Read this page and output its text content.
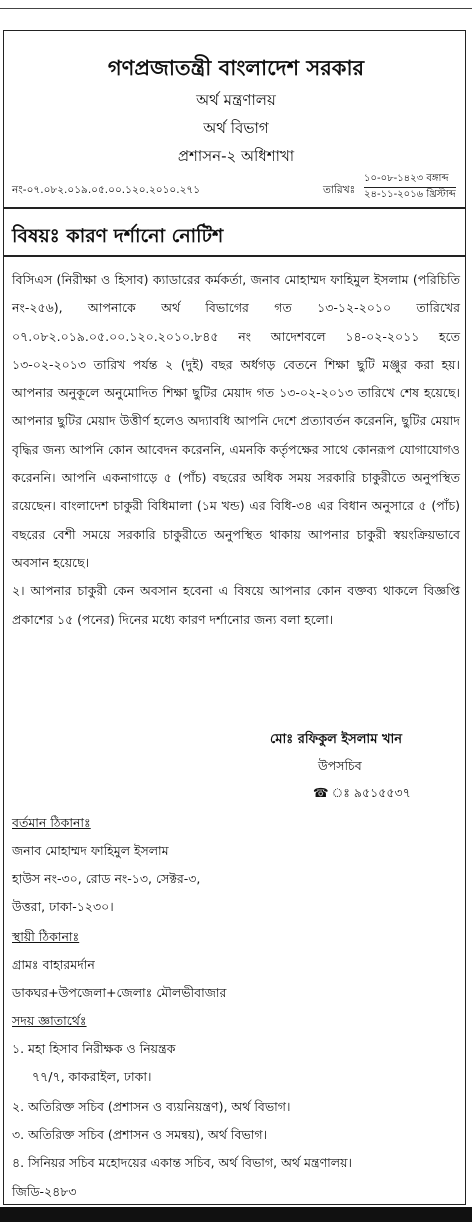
গণপ্রজাতন্ত্রী বাংলাদেশ সরকার
অর্থ মন্ত্রণালয়
অর্থ বিভাগ
প্রশাসন-২ অধিশাখা
নং-০৭.০৮২.০১৯.০৫.০০.১২০.২০১০.২৭১	তারিখঃ
১০-০৮-১৪২৩ বঙ্গাব্দ
২৪-১১-২০১৬ খ্রিস্টাব্দ
বিষয়ঃ কারণ দর্শানো নোটিশ

বিসিএস (নিরীক্ষা ও হিসাব) ক্যাডারের কর্মকর্তা, জনাব মোহাম্মদ ফাহিমুল ইসলাম (পরিচিতি নং-২৫৬), আপনাকে অর্থ বিভাগের গত ১৩-১২-২০১০ তারিখের ০৭.০৮২.০১৯.০৫.০০.১২০.২০১০.৮৪৫ নং আদেশবলে ১৪-০২-২০১১ হতে ১৩-০২-২০১৩ তারিখ পর্যন্ত ২ (দুই) বছর অর্ধগড় বেতনে শিক্ষা ছুটি মঞ্জুর করা হয়। আপনার অনুকূলে অনুমোদিত শিক্ষা ছুটির মেয়াদ গত ১৩-০২-২০১৩ তারিখে শেষ হয়েছে। আপনার ছুটির মেয়াদ উত্তীর্ণ হলেও অদ্যাবধি আপনি দেশে প্রত্যাবর্তন করেননি, ছুটির মেয়াদ বৃদ্ধির জন্য আপনি কোন আবেদন করেননি, এমনকি কর্তৃপক্ষের সাথে কোনরূপ যোগাযোগও করেননি। আপনি একনাগাড়ে ৫ (পাঁচ) বছরের অধিক সময় সরকারি চাকুরীতে অনুপস্থিত রয়েছেন। বাংলাদেশ চাকুরী বিধিমালা (১ম খন্ড) এর বিধি-৩৪ এর বিধান অনুসারে ৫ (পাঁচ) বছরের বেশী সময়ে সরকারি চাকুরীতে অনুপস্থিত থাকায় আপনার চাকুরী স্বয়ংক্রিয়ভাবে অবসান হয়েছে।

২। আপনার চাকুরী কেন অবসান হবেনা এ বিষয়ে আপনার কোন বক্তব্য থাকলে বিজ্ঞপ্তি প্রকাশের ১৫ (পনের) দিনের মধ্যে কারণ দর্শানোর জন্য বলা হলো।

মোঃ রফিকুল ইসলাম খান
উপসচিব
☎ ঃ ৯৫১৫৫৩৭
বর্তমান ঠিকানাঃ
জনাব মোহাম্মদ ফাহিমুল ইসলাম
হাউস নং-৩০, রোড নং-১৩, সেক্টর-৩,
উত্তরা, ঢাকা-১২৩০।
স্থায়ী ঠিকানাঃ
গ্রামঃ বাহারমর্দান
ডাকঘর+উপজেলা+জেলাঃ মৌলভীবাজার
সদয় জ্ঞাতার্থেঃ
১. মহা হিসাব নিরীক্ষক ও নিয়ন্ত্রক
৭৭/৭, কাকরাইল, ঢাকা।
২. অতিরিক্ত সচিব (প্রশাসন ও ব্যয়নিয়ন্ত্রণ), অর্থ বিভাগ।
৩. অতিরিক্ত সচিব (প্রশাসন ও সমন্বয়), অর্থ বিভাগ।
৪. সিনিয়র সচিব মহোদয়ের একান্ত সচিব, অর্থ বিভাগ, অর্থ মন্ত্রণালয়।
জিডি-২৪৮৩
